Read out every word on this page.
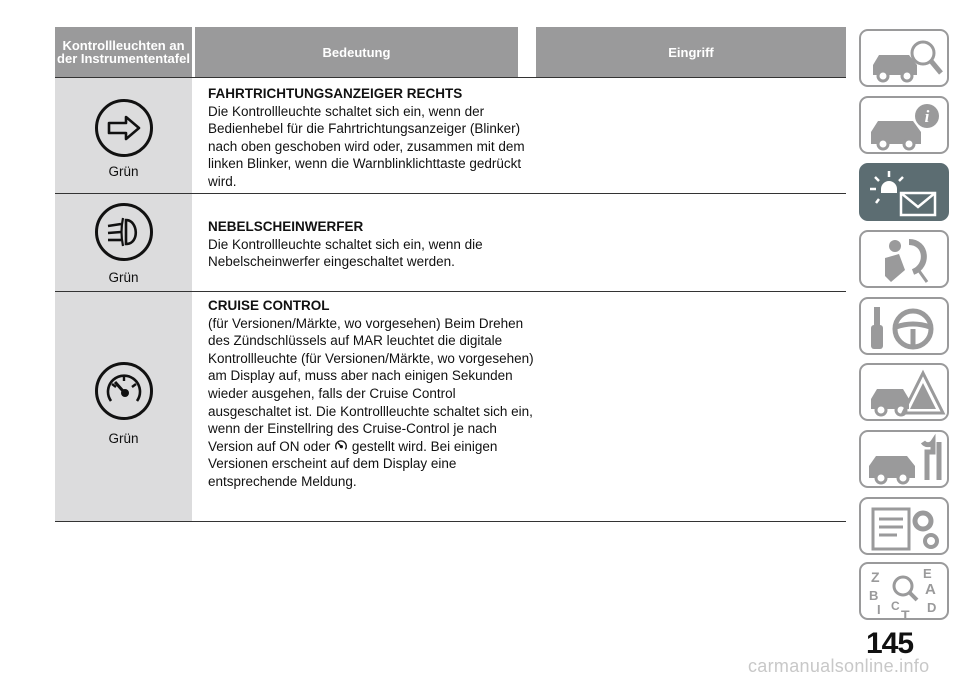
Kontrollleuchten an der Instrumententafel	Bedeutung	Eingriff
Grün
FAHRTRICHTUNGSANZEIGER RECHTS
Die Kontrollleuchte schaltet sich ein, wenn der Bedienhebel für die Fahrtrichtungsanzeiger (Blinker) nach oben geschoben wird oder, zusammen mit dem linken Blinker, wenn die Warnblinklichttaste gedrückt wird.
Grün
NEBELSCHEINWERFER
Die Kontrollleuchte schaltet sich ein, wenn die Nebelscheinwerfer eingeschaltet werden.
Grün
CRUISE CONTROL
(für Versionen/Märkte, wo vorgesehen) Beim Drehen des Zündschlüssels auf MAR leuchtet die digitale Kontrollleuchte (für Versionen/Märkte, wo vorgesehen) am Display auf, muss aber nach einigen Sekunden wieder ausgehen, falls der Cruise Control ausgeschaltet ist. Die Kontrollleuchte schaltet sich ein, wenn der Einstellring des Cruise-Control je nach Version auf ON oder gestellt wird. Bei einigen Versionen erscheint auf dem Display eine entsprechende Meldung.
i
Z	E
B	A
I C
T D
145
carmanualsonline.info
